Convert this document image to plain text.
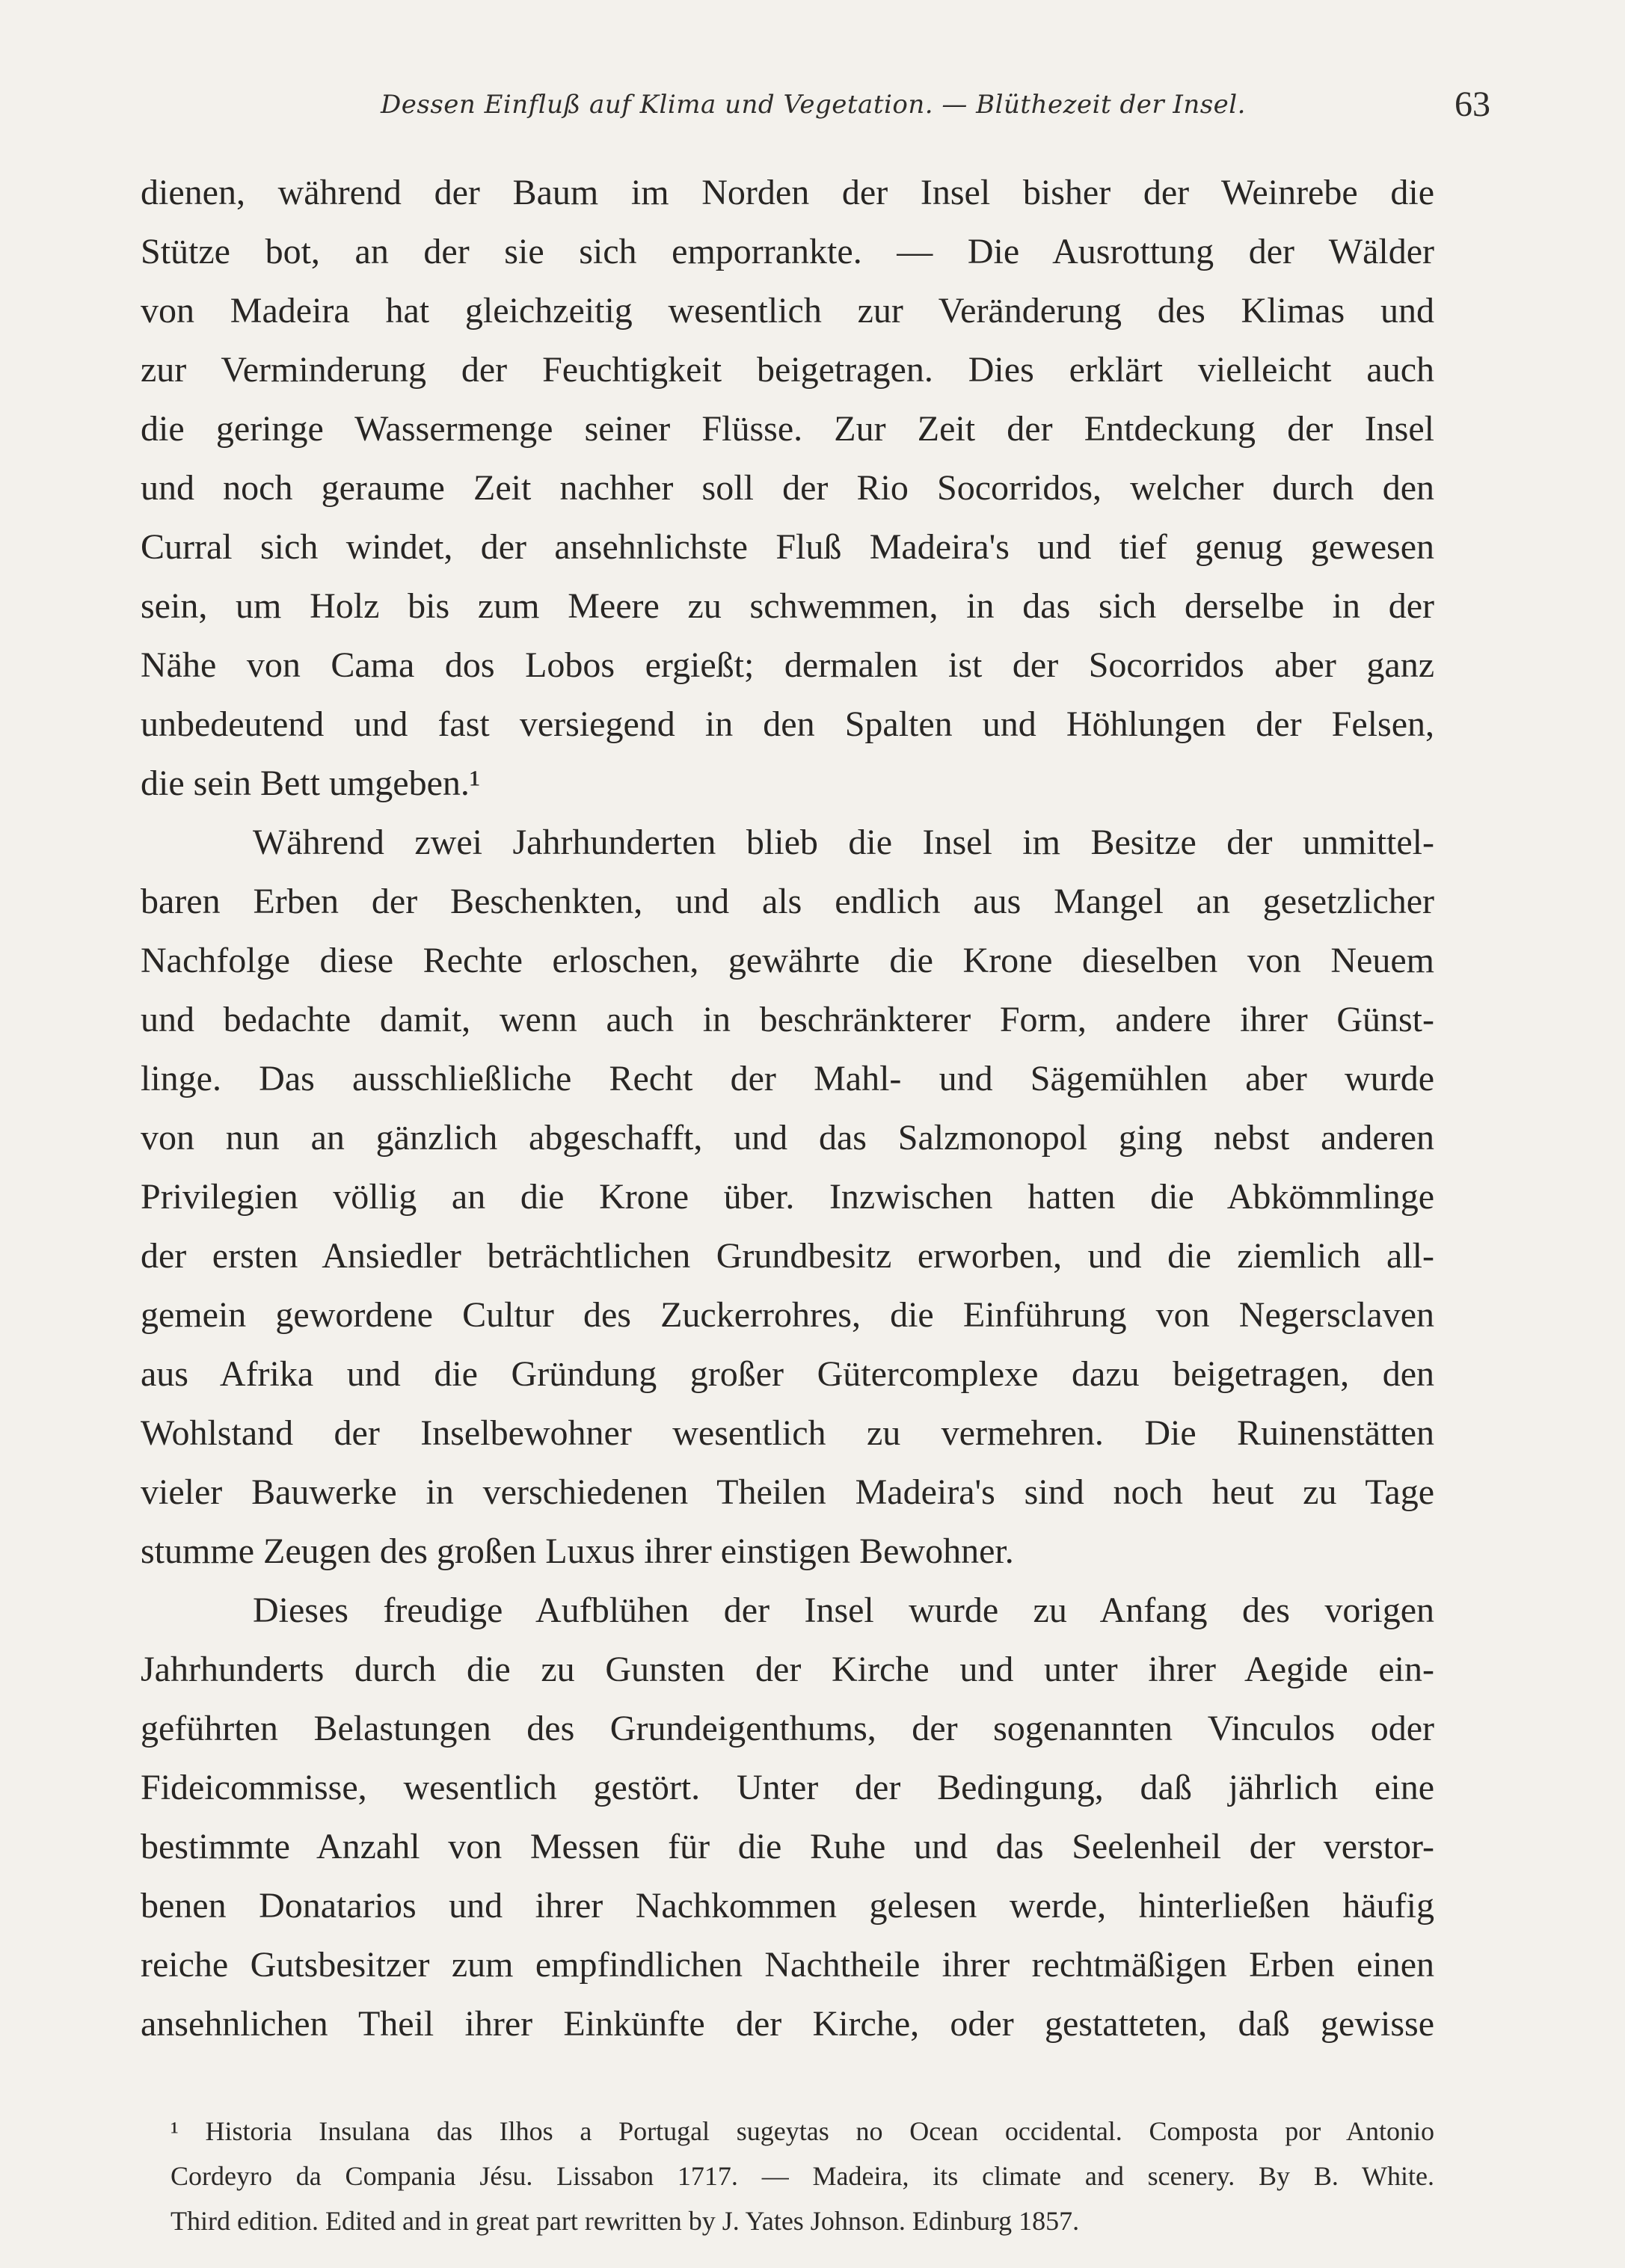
Dessen Einfluß auf Klima und Vegetation. — Blüthezeit der Insel.	63
dienen, während der Baum im Norden der Insel bisher der Weinrebe die
Stütze bot, an der sie sich emporrankte. — Die Ausrottung der Wälder
von Madeira hat gleichzeitig wesentlich zur Veränderung des Klimas und
zur Verminderung der Feuchtigkeit beigetragen. Dies erklärt vielleicht auch
die geringe Wassermenge seiner Flüsse. Zur Zeit der Entdeckung der Insel
und noch geraume Zeit nachher soll der Rio Socorridos, welcher durch den
Curral sich windet, der ansehnlichste Fluß Madeira's und tief genug gewesen
sein, um Holz bis zum Meere zu schwemmen, in das sich derselbe in der
Nähe von Cama dos Lobos ergießt; dermalen ist der Socorridos aber ganz
unbedeutend und fast versiegend in den Spalten und Höhlungen der Felsen,
die sein Bett umgeben.¹
Während zwei Jahrhunderten blieb die Insel im Besitze der unmittel-
baren Erben der Beschenkten, und als endlich aus Mangel an gesetzlicher
Nachfolge diese Rechte erloschen, gewährte die Krone dieselben von Neuem
und bedachte damit, wenn auch in beschränkterer Form, andere ihrer Günst-
linge. Das ausschließliche Recht der Mahl- und Sägemühlen aber wurde
von nun an gänzlich abgeschafft, und das Salzmonopol ging nebst anderen
Privilegien völlig an die Krone über. Inzwischen hatten die Abkömmlinge
der ersten Ansiedler beträchtlichen Grundbesitz erworben, und die ziemlich all-
gemein gewordene Cultur des Zuckerrohres, die Einführung von Negersclaven
aus Afrika und die Gründung großer Gütercomplexe dazu beigetragen, den
Wohlstand der Inselbewohner wesentlich zu vermehren. Die Ruinenstätten
vieler Bauwerke in verschiedenen Theilen Madeira's sind noch heut zu Tage
stumme Zeugen des großen Luxus ihrer einstigen Bewohner.
Dieses freudige Aufblühen der Insel wurde zu Anfang des vorigen
Jahrhunderts durch die zu Gunsten der Kirche und unter ihrer Aegide ein-
geführten Belastungen des Grundeigenthums, der sogenannten Vinculos oder
Fideicommisse, wesentlich gestört. Unter der Bedingung, daß jährlich eine
bestimmte Anzahl von Messen für die Ruhe und das Seelenheil der verstor-
benen Donatarios und ihrer Nachkommen gelesen werde, hinterließen häufig
reiche Gutsbesitzer zum empfindlichen Nachtheile ihrer rechtmäßigen Erben einen
ansehnlichen Theil ihrer Einkünfte der Kirche, oder gestatteten, daß gewisse
¹ Historia Insulana das Ilhos a Portugal sugeytas no Ocean occidental. Composta por Antonio
Cordeyro da Compania Jésu. Lissabon 1717. — Madeira, its climate and scenery. By B. White.
Third edition. Edited and in great part rewritten by J. Yates Johnson. Edinburg 1857.
